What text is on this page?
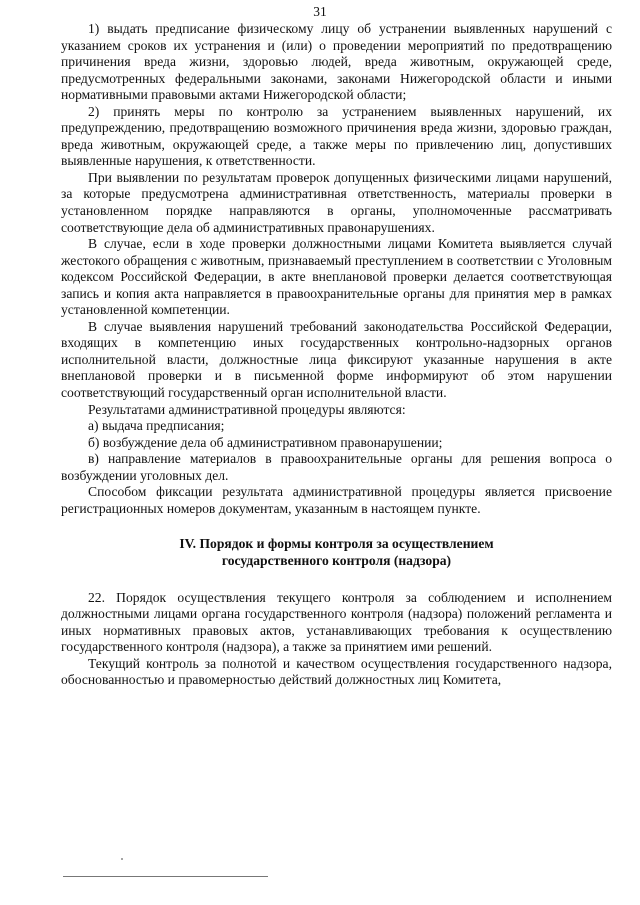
31

1) выдать предписание физическому лицу об устранении выявленных нарушений с указанием сроков их устранения и (или) о проведении мероприятий по предотвращению причинения вреда жизни, здоровью людей, вреда животным, окружающей среде, предусмотренных федеральными законами, законами Нижегородской области и иными нормативными правовыми актами Нижегородской области;

2) принять меры по контролю за устранением выявленных нарушений, их предупреждению, предотвращению возможного причинения вреда жизни, здоровью граждан, вреда животным, окружающей среде, а также меры по привлечению лиц, допустивших выявленные нарушения, к ответственности.

При выявлении по результатам проверок допущенных физическими лицами нарушений, за которые предусмотрена административная ответственность, материалы проверки в установленном порядке направляются в органы, уполномоченные рассматривать соответствующие дела об административных правонарушениях.

В случае, если в ходе проверки должностными лицами Комитета выявляется случай жестокого обращения с животным, признаваемый преступлением в соответствии с Уголовным кодексом Российской Федерации, в акте внеплановой проверки делается соответствующая запись и копия акта направляется в правоохранительные органы для принятия мер в рамках установленной компетенции.

В случае выявления нарушений требований законодательства Российской Федерации, входящих в компетенцию иных государственных контрольно-надзорных органов исполнительной власти, должностные лица фиксируют указанные нарушения в акте внеплановой проверки и в письменной форме информируют об этом нарушении соответствующий государственный орган исполнительной власти.

Результатами административной процедуры являются:

а) выдача предписания;

б) возбуждение дела об административном правонарушении;

в) направление материалов в правоохранительные органы для решения вопроса о возбуждении уголовных дел.

Способом фиксации результата административной процедуры является присвоение регистрационных номеров документам, указанным в настоящем пункте.

IV. Порядок и формы контроля за осуществлением
государственного контроля (надзора)

22. Порядок осуществления текущего контроля за соблюдением и исполнением должностными лицами органа государственного контроля (надзора) положений регламента и иных нормативных правовых актов, устанавливающих требования к осуществлению государственного контроля (надзора), а также за принятием ими решений.

Текущий контроль за полнотой и качеством осуществления государственного надзора, обоснованностью и правомерностью действий должностных лиц Комитета,
